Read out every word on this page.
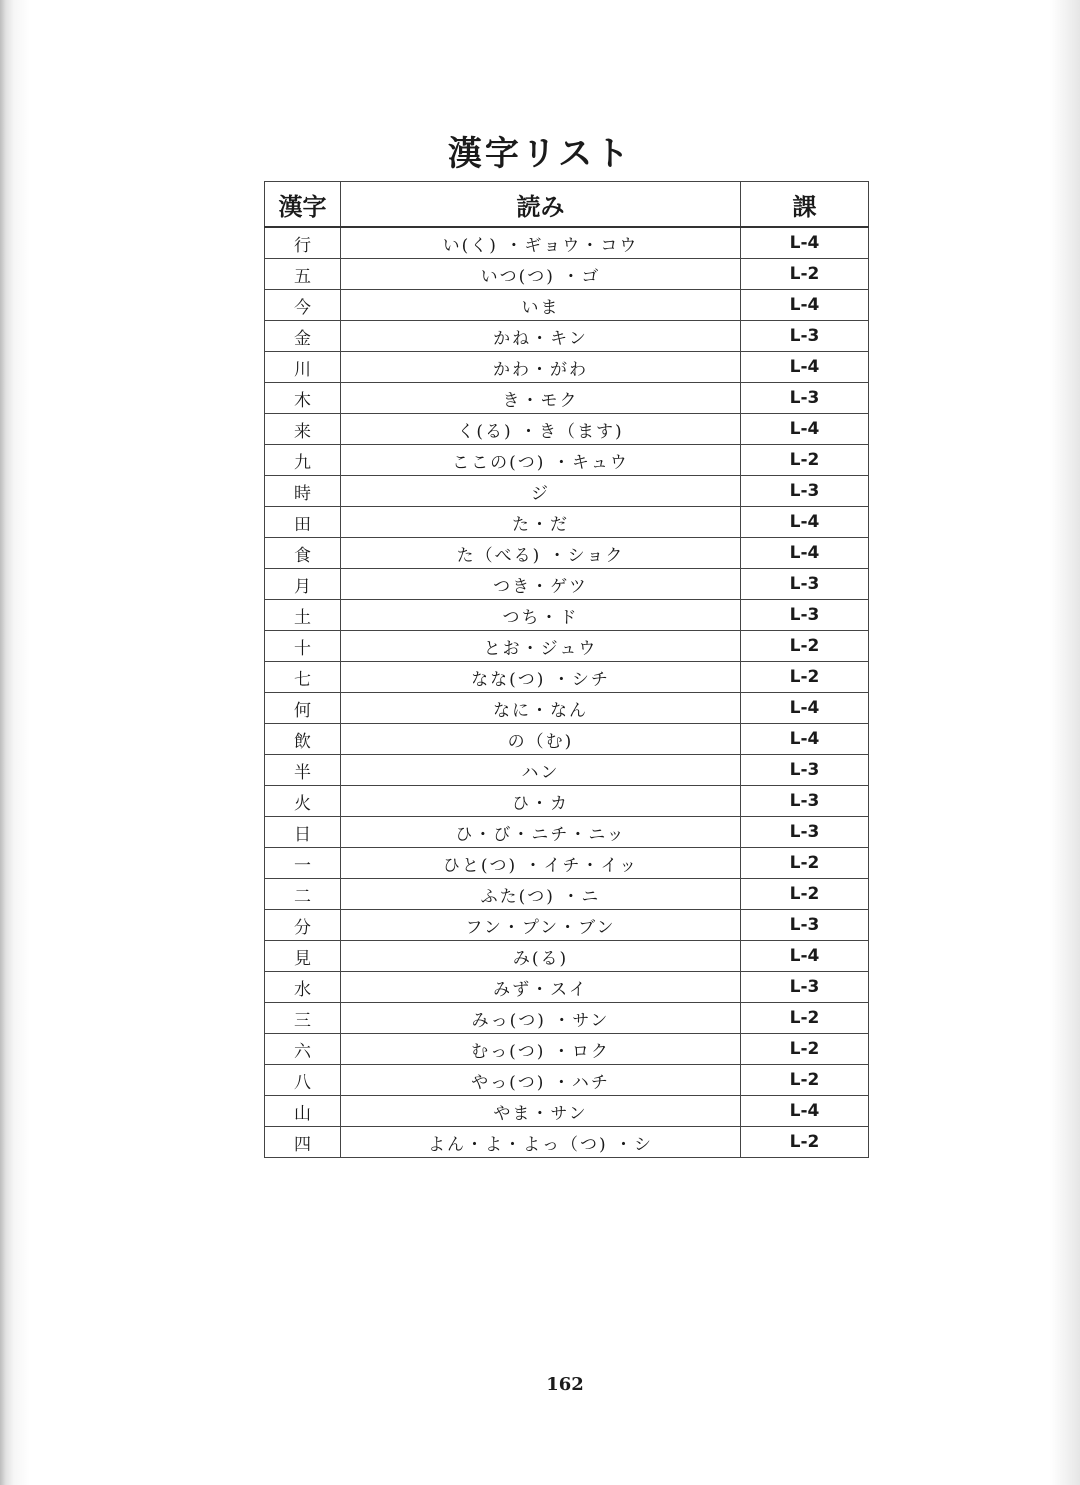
漢字リスト
漢字	読み	課
行	い(く) ・ギョウ・コウ	L-4
五	いつ(つ) ・ゴ	L-2
今	いま	L-4
金	かね・キン	L-3
川	かわ・がわ	L-4
木	き・モク	L-3
来	く(る) ・き（ます)	L-4
九	ここの(つ) ・キュウ	L-2
時	ジ	L-3
田	た・だ	L-4
食	た（べる) ・ショク	L-4
月	つき・ゲツ	L-3
土	つち・ド	L-3
十	とお・ジュウ	L-2
七	なな(つ) ・シチ	L-2
何	なに・なん	L-4
飲	の（む)	L-4
半	ハン	L-3
火	ひ・カ	L-3
日	ひ・び・ニチ・ニッ	L-3
一	ひと(つ) ・イチ・イッ	L-2
二	ふた(つ) ・ニ	L-2
分	フン・プン・ブン	L-3
見	み(る)	L-4
水	みず・スイ	L-3
三	みっ(つ) ・サン	L-2
六	むっ(つ) ・ロク	L-2
八	やっ(つ) ・ハチ	L-2
山	やま・サン	L-4
四	よん・よ・よっ（つ) ・シ	L-2
162
